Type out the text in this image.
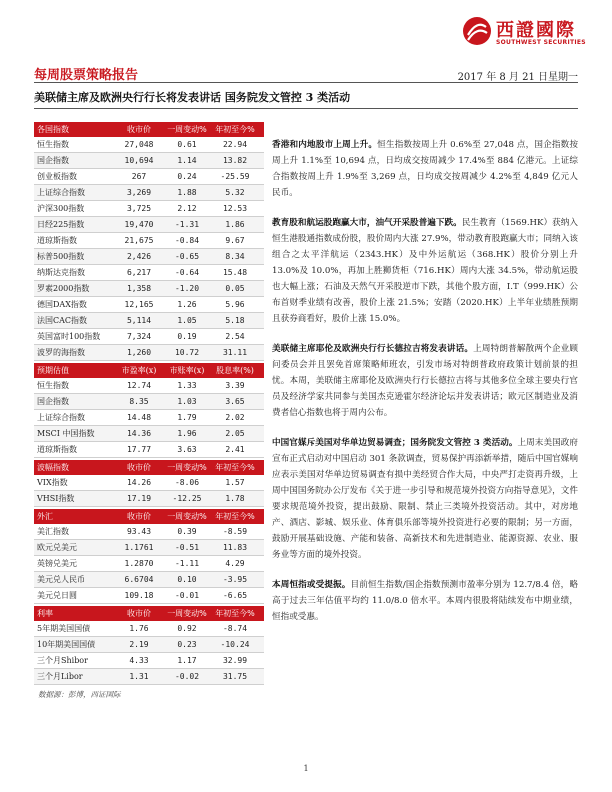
西證國際
SOUTHWEST SECURITIES
每周股票策略报告	2017 年 8 月 21 日星期一
美联储主席及欧洲央行行长将发表讲话 国务院发文管控 3 类活动
各国指数	收市价	一周变动%	年初至今%
恒生指数	27,048	0.61	22.94
国企指数	10,694	1.14	13.82
创业板指数	267	0.24	-25.59
上证综合指数	3,269	1.88	5.32
沪深300指数	3,725	2.12	12.53
日经225指数	19,470	-1.31	1.86
道琼斯指数	21,675	-0.84	9.67
标普500指数	2,426	-0.65	8.34
纳斯达克指数	6,217	-0.64	15.48
罗素2000指数	1,358	-1.20	0.05
德国DAX指数	12,165	1.26	5.96
法国CAC指数	5,114	1.05	5.18
英国富时100指数	7,324	0.19	2.54
波罗的海指数	1,260	10.72	31.11
预期估值	市盈率(x)	市账率(x)	股息率(%)
恒生指数	12.74	1.33	3.39
国企指数	8.35	1.03	3.65
上证综合指数	14.48	1.79	2.02
MSCI 中国指数	14.36	1.96	2.05
道琼斯指数	17.77	3.63	2.41
波幅指数	收市价	一周变动%	年初至今%
VIX指数	14.26	-8.06	1.57
VHSI指数	17.19	-12.25	1.78
外汇	收市价	一周变动%	年初至今%
美汇指数	93.43	0.39	-8.59
欧元兑美元	1.1761	-0.51	11.83
英镑兑美元	1.2870	-1.11	4.29
美元兑人民币	6.6704	0.10	-3.95
美元兑日圆	109.18	-0.01	-6.65
利率	收市价	一周变动%	年初至今%
5年期美国国债	1.76	0.92	-8.74
10年期美国国债	2.19	0.23	-10.24
三个月Shibor	4.33	1.17	32.99
三个月Libor	1.31	-0.02	31.75
数据源：彭博，西证国际

香港和内地股市上周上升。恒生指数按周上升 0.6%至 27,048 点，国企指数按周上升 1.1%至 10,694 点，日均成交按周减少 17.4%至 884 亿港元。上证综合指数按周上升 1.9%至 3,269 点，日均成交按周减少 4.2%至 4,849 亿元人民币。

教育股和航运股跑赢大市，油气开采股普遍下跌。民生教育（1569.HK）获纳入恒生港股通指数成份股，股价周内大涨 27.9%，带动教育股跑赢大市；同纳入该组合之太平洋航运（2343.HK）及中外运航运（368.HK）股价分别上升 13.0%及 10.0%，再加上胜狮货柜（716.HK）周内大涨 34.5%，带动航运股也大幅上涨；石油及天然气开采股逆市下跌，其他个股方面，I.T（999.HK）公布首财季业绩有改善，股价上涨 21.5%；安踏（2020.HK）上半年业绩胜预期且获券商看好，股价上涨 15.0%。

美联储主席耶伦及欧洲央行行长德拉吉将发表讲话。上周特朗普解散两个企业顾问委员会并且罢免首席策略师班农，引发市场对特朗普政府政策计划前景的担忧。本周，美联储主席耶伦及欧洲央行行长德拉吉将与其他多位全球主要央行官员及经济学家共同参与美国杰克逊霍尔经济论坛并发表讲话；欧元区制造业及消费者信心指数也将于周内公布。

中国官媒斥美国对华单边贸易调查；国务院发文管控 3 类活动。上周末美国政府宣布正式启动对中国启动 301 条款调查，贸易保护再添新举措，随后中国官媒响应表示美国对华单边贸易调查有损中美经贸合作大局，中央严打走资再升级，上周中国国务院办公厅发布《关于进一步引导和规范境外投资方向指导意见》，文件要求规范境外投资，提出鼓励、限制、禁止三类境外投资活动。其中，对房地产、酒店、影城、娱乐业、体育俱乐部等境外投资进行必要的限制；另一方面，鼓励开展基础设施、产能和装备、高新技术和先进制造业、能源资源、农业、服务业等方面的境外投资。

本周恒指或受提振。目前恒生指数/国企指数预测市盈率分别为 12.7/8.4 倍，略高于过去三年估值平均约 11.0/8.0 倍水平。本周内很股将陆续发布中期业绩，恒指或受惠。

1
